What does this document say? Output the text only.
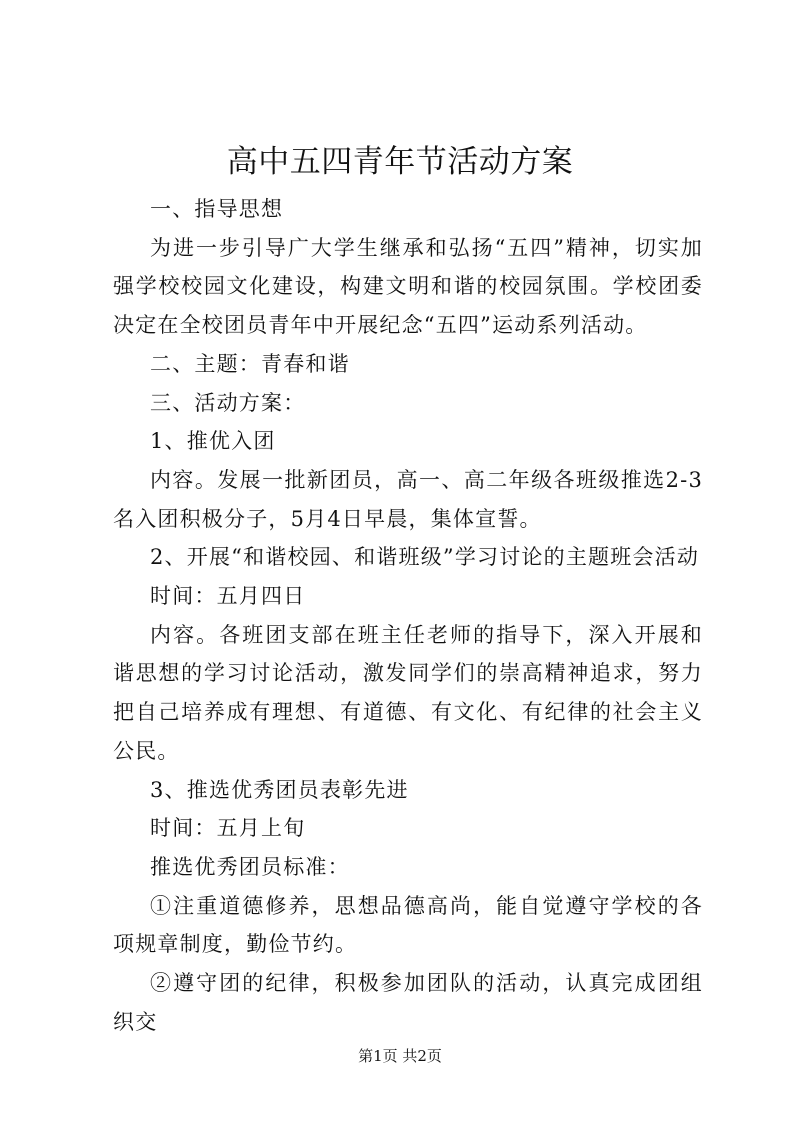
高中五四青年节活动方案

一、指导思想

为进一步引导广大学生继承和弘扬“五四”精神，切实加强学校校园文化建设，构建文明和谐的校园氛围。学校团委决定在全校团员青年中开展纪念“五四”运动系列活动。

二、主题：青春和谐

三、活动方案：

1、推优入团

内容。发展一批新团员，高一、高二年级各班级推选2-3名入团积极分子，5月4日早晨，集体宣誓。

2、开展“和谐校园、和谐班级”学习讨论的主题班会活动

时间：五月四日

内容。各班团支部在班主任老师的指导下，深入开展和谐思想的学习讨论活动，激发同学们的崇高精神追求，努力把自己培养成有理想、有道德、有文化、有纪律的社会主义公民。

3、推选优秀团员表彰先进

时间：五月上旬

推选优秀团员标准：

①注重道德修养，思想品德高尚，能自觉遵守学校的各项规章制度，勤俭节约。

②遵守团的纪律，积极参加团队的活动，认真完成团组织交

第1页 共2页
